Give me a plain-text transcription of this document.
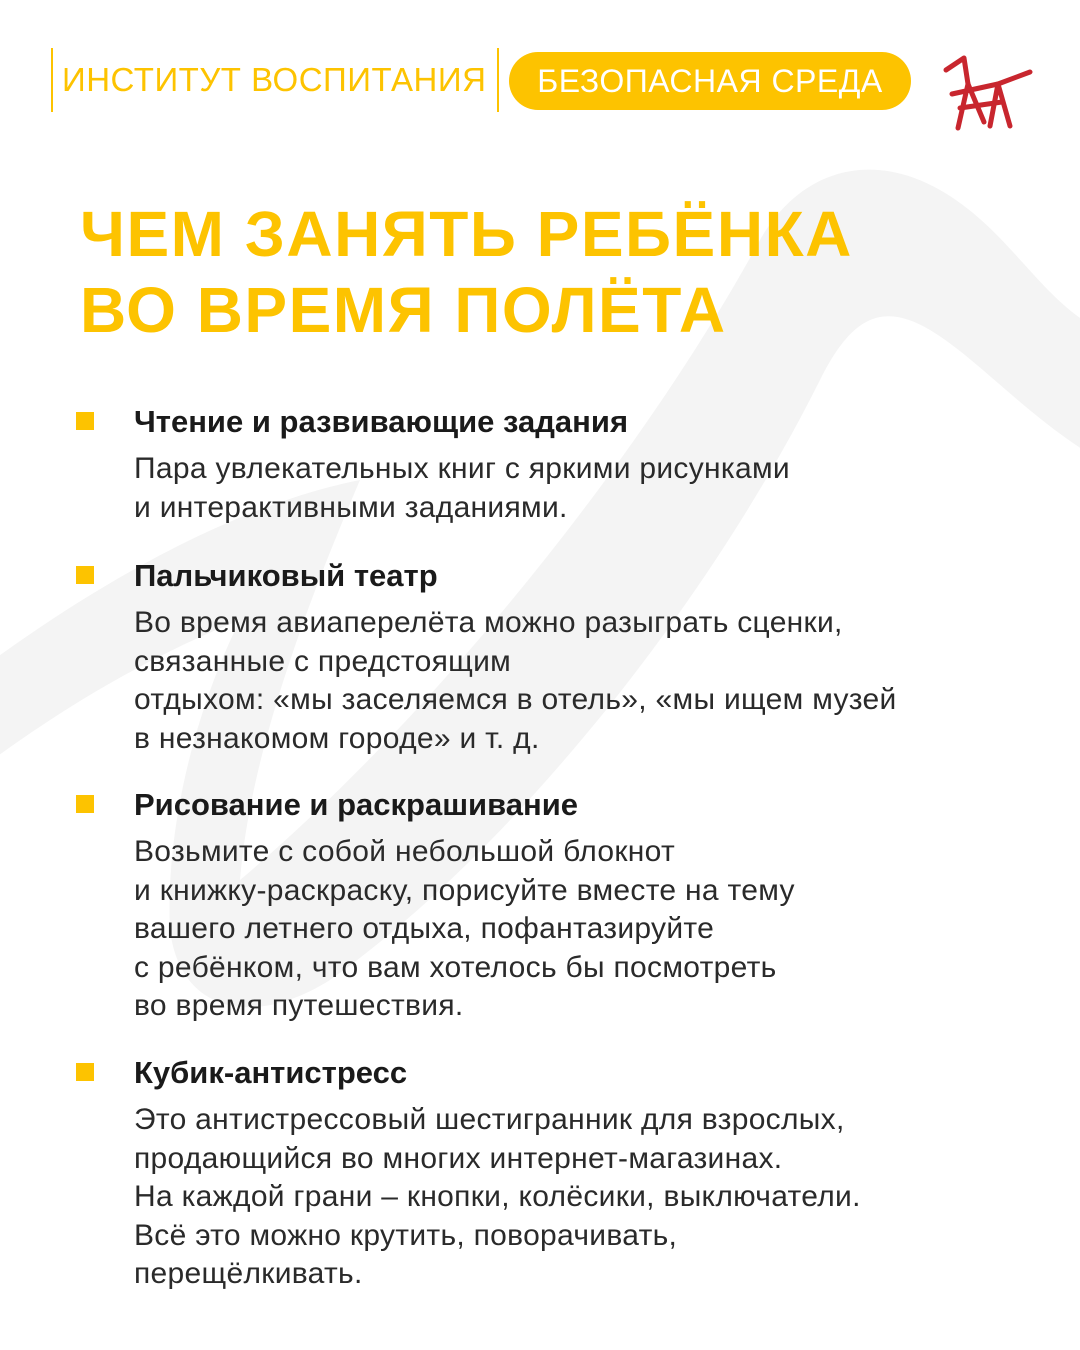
ИНСТИТУТ ВОСПИТАНИЯ	БЕЗОПАСНАЯ СРЕДА
ЧЕМ ЗАНЯТЬ РЕБЁНКА
ВО ВРЕМЯ ПОЛЁТА
Чтение и развивающие задания
Пара увлекательных книг с яркими рисунками
и интерактивными заданиями.
Пальчиковый театр
Во время авиаперелёта можно разыграть сценки,
связанные с предстоящим
отдыхом: «мы заселяемся в отель», «мы ищем музей
в незнакомом городе» и т. д.
Рисование и раскрашивание
Возьмите с собой небольшой блокнот
и книжку-раскраску, порисуйте вместе на тему
вашего летнего отдыха, пофантазируйте
с ребёнком, что вам хотелось бы посмотреть
во время путешествия.
Кубик-антистресс
Это антистрессовый шестигранник для взрослых,
продающийся во многих интернет-магазинах.
На каждой грани – кнопки, колёсики, выключатели.
Всё это можно крутить, поворачивать,
перещёлкивать.
